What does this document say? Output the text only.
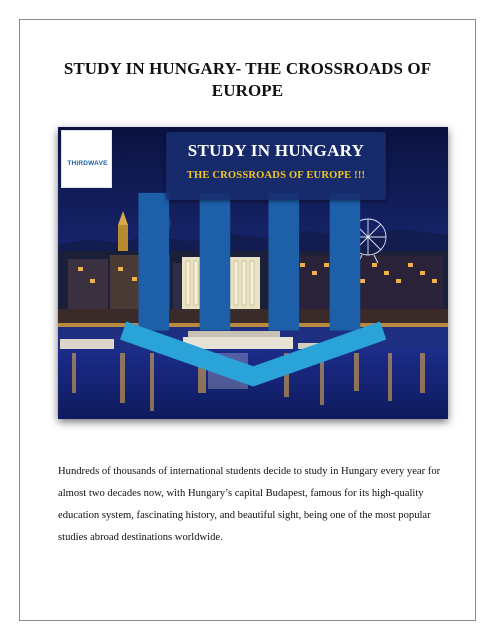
STUDY IN HUNGARY- THE CROSSROADS OF EUROPE
THIRDWAVE
STUDY IN HUNGARY
THE CROSSROADS OF EUROPE !!!

Hundreds of thousands of international students decide to study in Hungary every year for almost two decades now, with Hungary’s capital Budapest, famous for its high-quality education system, fascinating history, and beautiful sight, being one of the most popular studies abroad destinations worldwide.
